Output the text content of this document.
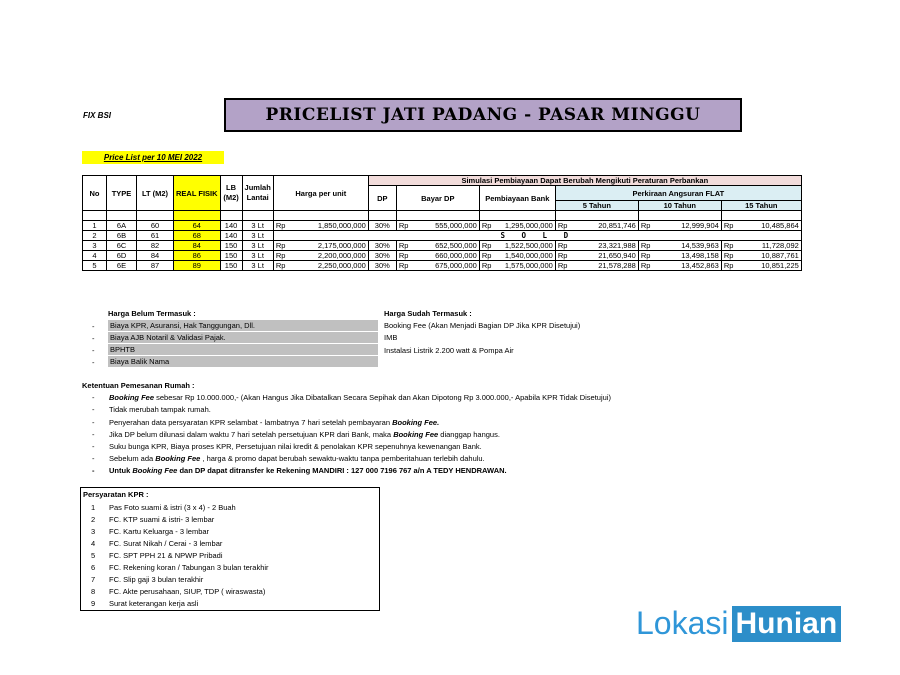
FIX BSI	PRICELIST JATI PADANG - PASAR MINGGU
Price List per 10 MEI 2022
No	TYPE	LT (M2)	REAL FISIK	LB (M2)	Jumlah Lantai	Harga per unit		Simulasi Pembiayaan Dapat Berubah Mengikuti Peraturan Perbankan										
								DP	Bayar DP		Pembiayaan Bank		Perkiraan Angsuran FLAT					
													5 Tahun		10 Tahun		15 Tahun	

1	6A	60	64	140	3 Lt	Rp	1,850,000,000	30%	Rp	555,000,000	Rp	1,295,000,000	Rp	20,851,746	Rp	12,999,904	Rp	10,485,864
2	6B	61	68	140	3 Lt	S O L D												
3	6C	82	84	150	3 Lt	Rp	2,175,000,000	30%	Rp	652,500,000	Rp	1,522,500,000	Rp	23,321,988	Rp	14,539,963	Rp	11,728,092
4	6D	84	86	150	3 Lt	Rp	2,200,000,000	30%	Rp	660,000,000	Rp	1,540,000,000	Rp	21,650,940	Rp	13,498,158	Rp	10,887,761
5	6E	87	89	150	3 Lt	Rp	2,250,000,000	30%	Rp	675,000,000	Rp	1,575,000,000	Rp	21,578,288	Rp	13,452,863	Rp	10,851,225
Harga Belum Termasuk :
- Biaya KPR, Asuransi, Hak Tanggungan, Dll.
- Biaya AJB Notaril & Validasi Pajak.
- BPHTB
- Biaya Balik Nama
Harga Sudah Termasuk :
Booking Fee (Akan Menjadi Bagian DP Jika KPR Disetujui)
IMB
Instalasi Listrik 2.200 watt & Pompa Air
Ketentuan Pemesanan Rumah :
- Booking Fee sebesar Rp 10.000.000,- (Akan Hangus Jika Dibatalkan Secara Sepihak dan Akan Dipotong Rp 3.000.000,- Apabila KPR Tidak Disetujui)
- Tidak merubah tampak rumah.
- Penyerahan data persyaratan KPR selambat - lambatnya 7 hari setelah pembayaran Booking Fee.
- Jika DP belum dilunasi dalam waktu 7 hari setelah persetujuan KPR dari Bank, maka Booking Fee dianggap hangus.
- Suku bunga KPR, Biaya proses KPR, Persetujuan nilai kredit & penolakan KPR sepenuhnya kewenangan Bank.
- Sebelum ada Booking Fee , harga & promo dapat berubah sewaktu-waktu tanpa pemberitahuan terlebih dahulu.
- Untuk Booking Fee dan DP dapat ditransfer ke Rekening MANDIRI : 127 000 7196 767 a/n A TEDY HENDRAWAN.
Persyaratan KPR :
1 Pas Foto suami & istri (3 x 4) - 2 Buah
2 FC. KTP suami & istri- 3 lembar
3 FC. Kartu Keluarga - 3 lembar
4 FC. Surat Nikah / Cerai - 3 lembar
5 FC. SPT PPH 21 & NPWP Pribadi
6 FC. Rekening koran / Tabungan 3 bulan terakhir
7 FC. Slip gaji 3 bulan terakhir
8 FC. Akte perusahaan, SIUP, TDP ( wiraswasta)
9 Surat keterangan kerja asli
Lokasi Hunian
